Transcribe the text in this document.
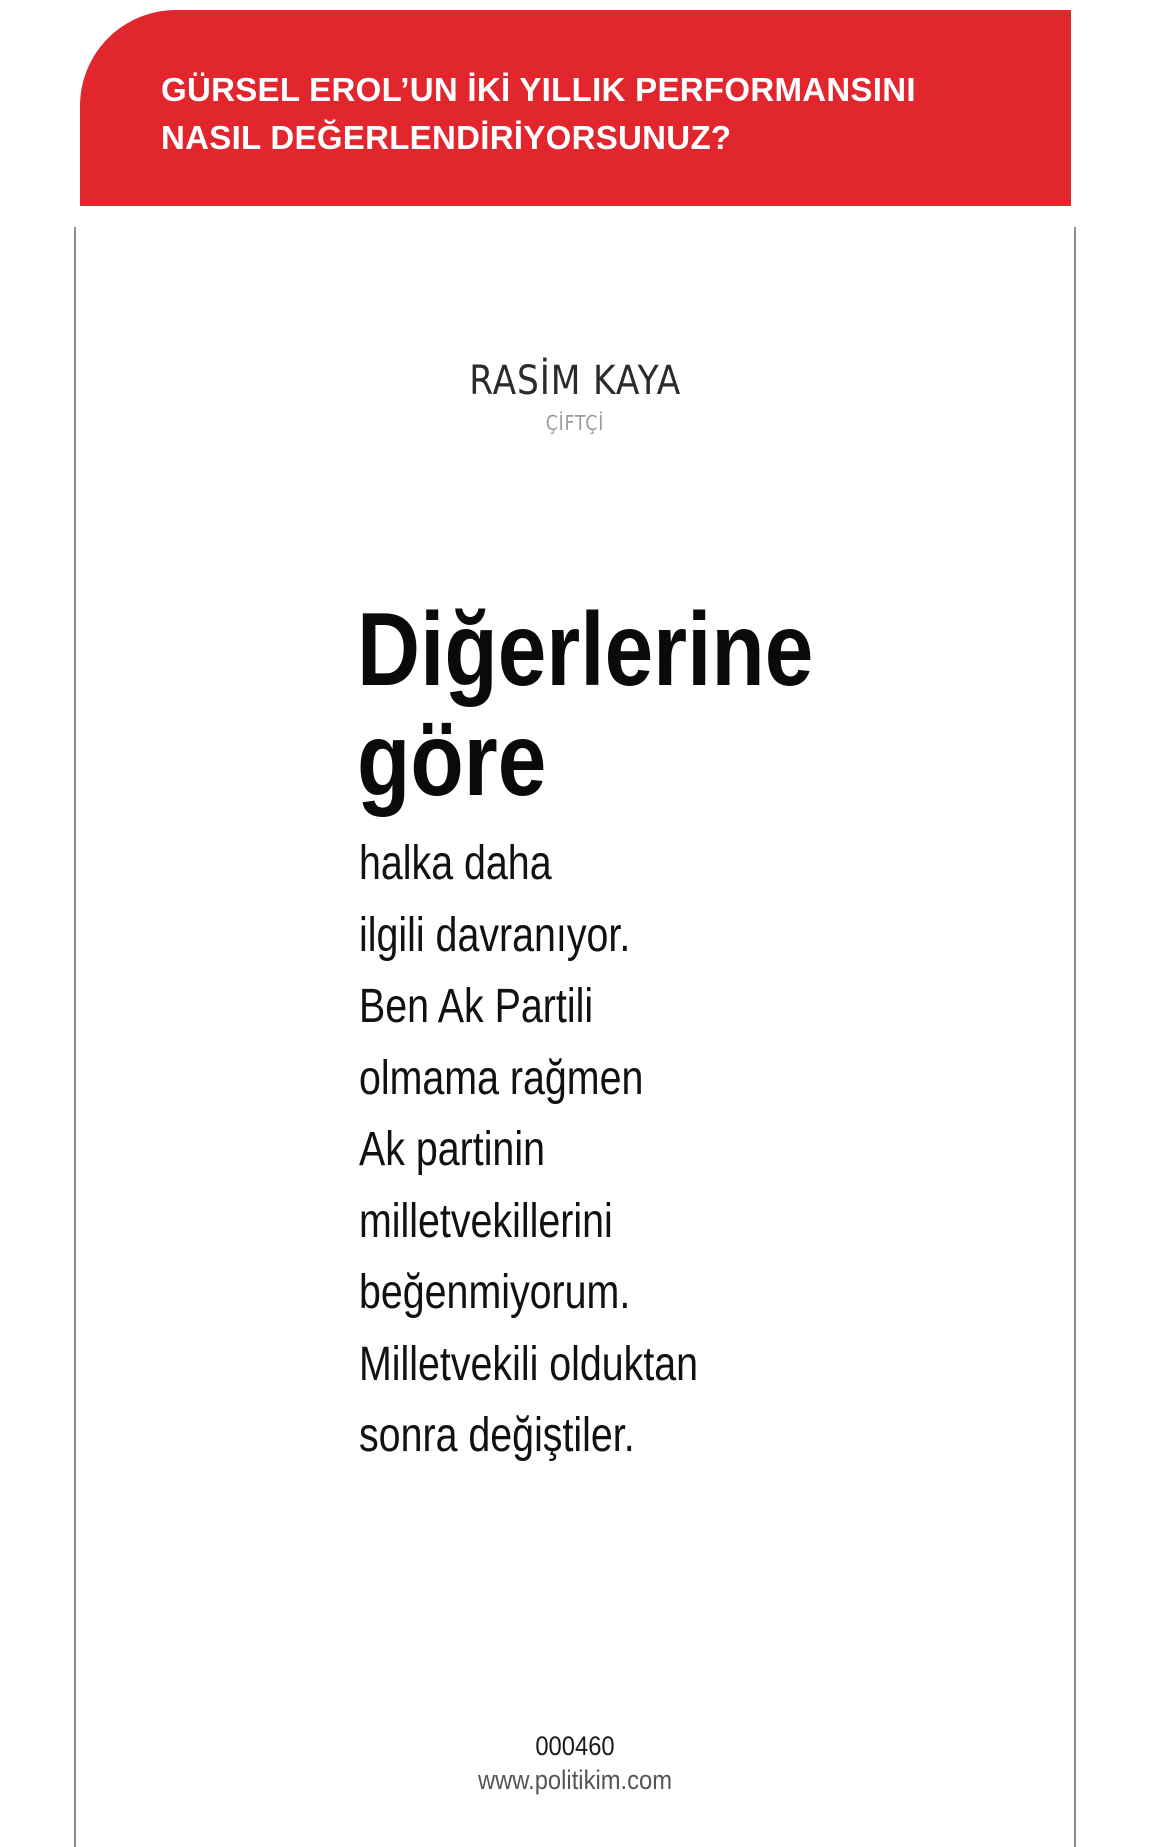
GÜRSEL EROL’UN İKİ YILLIK PERFORMANSINI
NASIL DEĞERLENDİRİYORSUNUZ?

RASİM KAYA
ÇİFTÇİ
Diğerlerine
göre
halka daha
ilgili davranıyor.
Ben Ak Partili
olmama rağmen
Ak partinin
milletvekillerini
beğenmiyorum.
Milletvekili olduktan
sonra değiştiler.
000460
www.politikim.com
